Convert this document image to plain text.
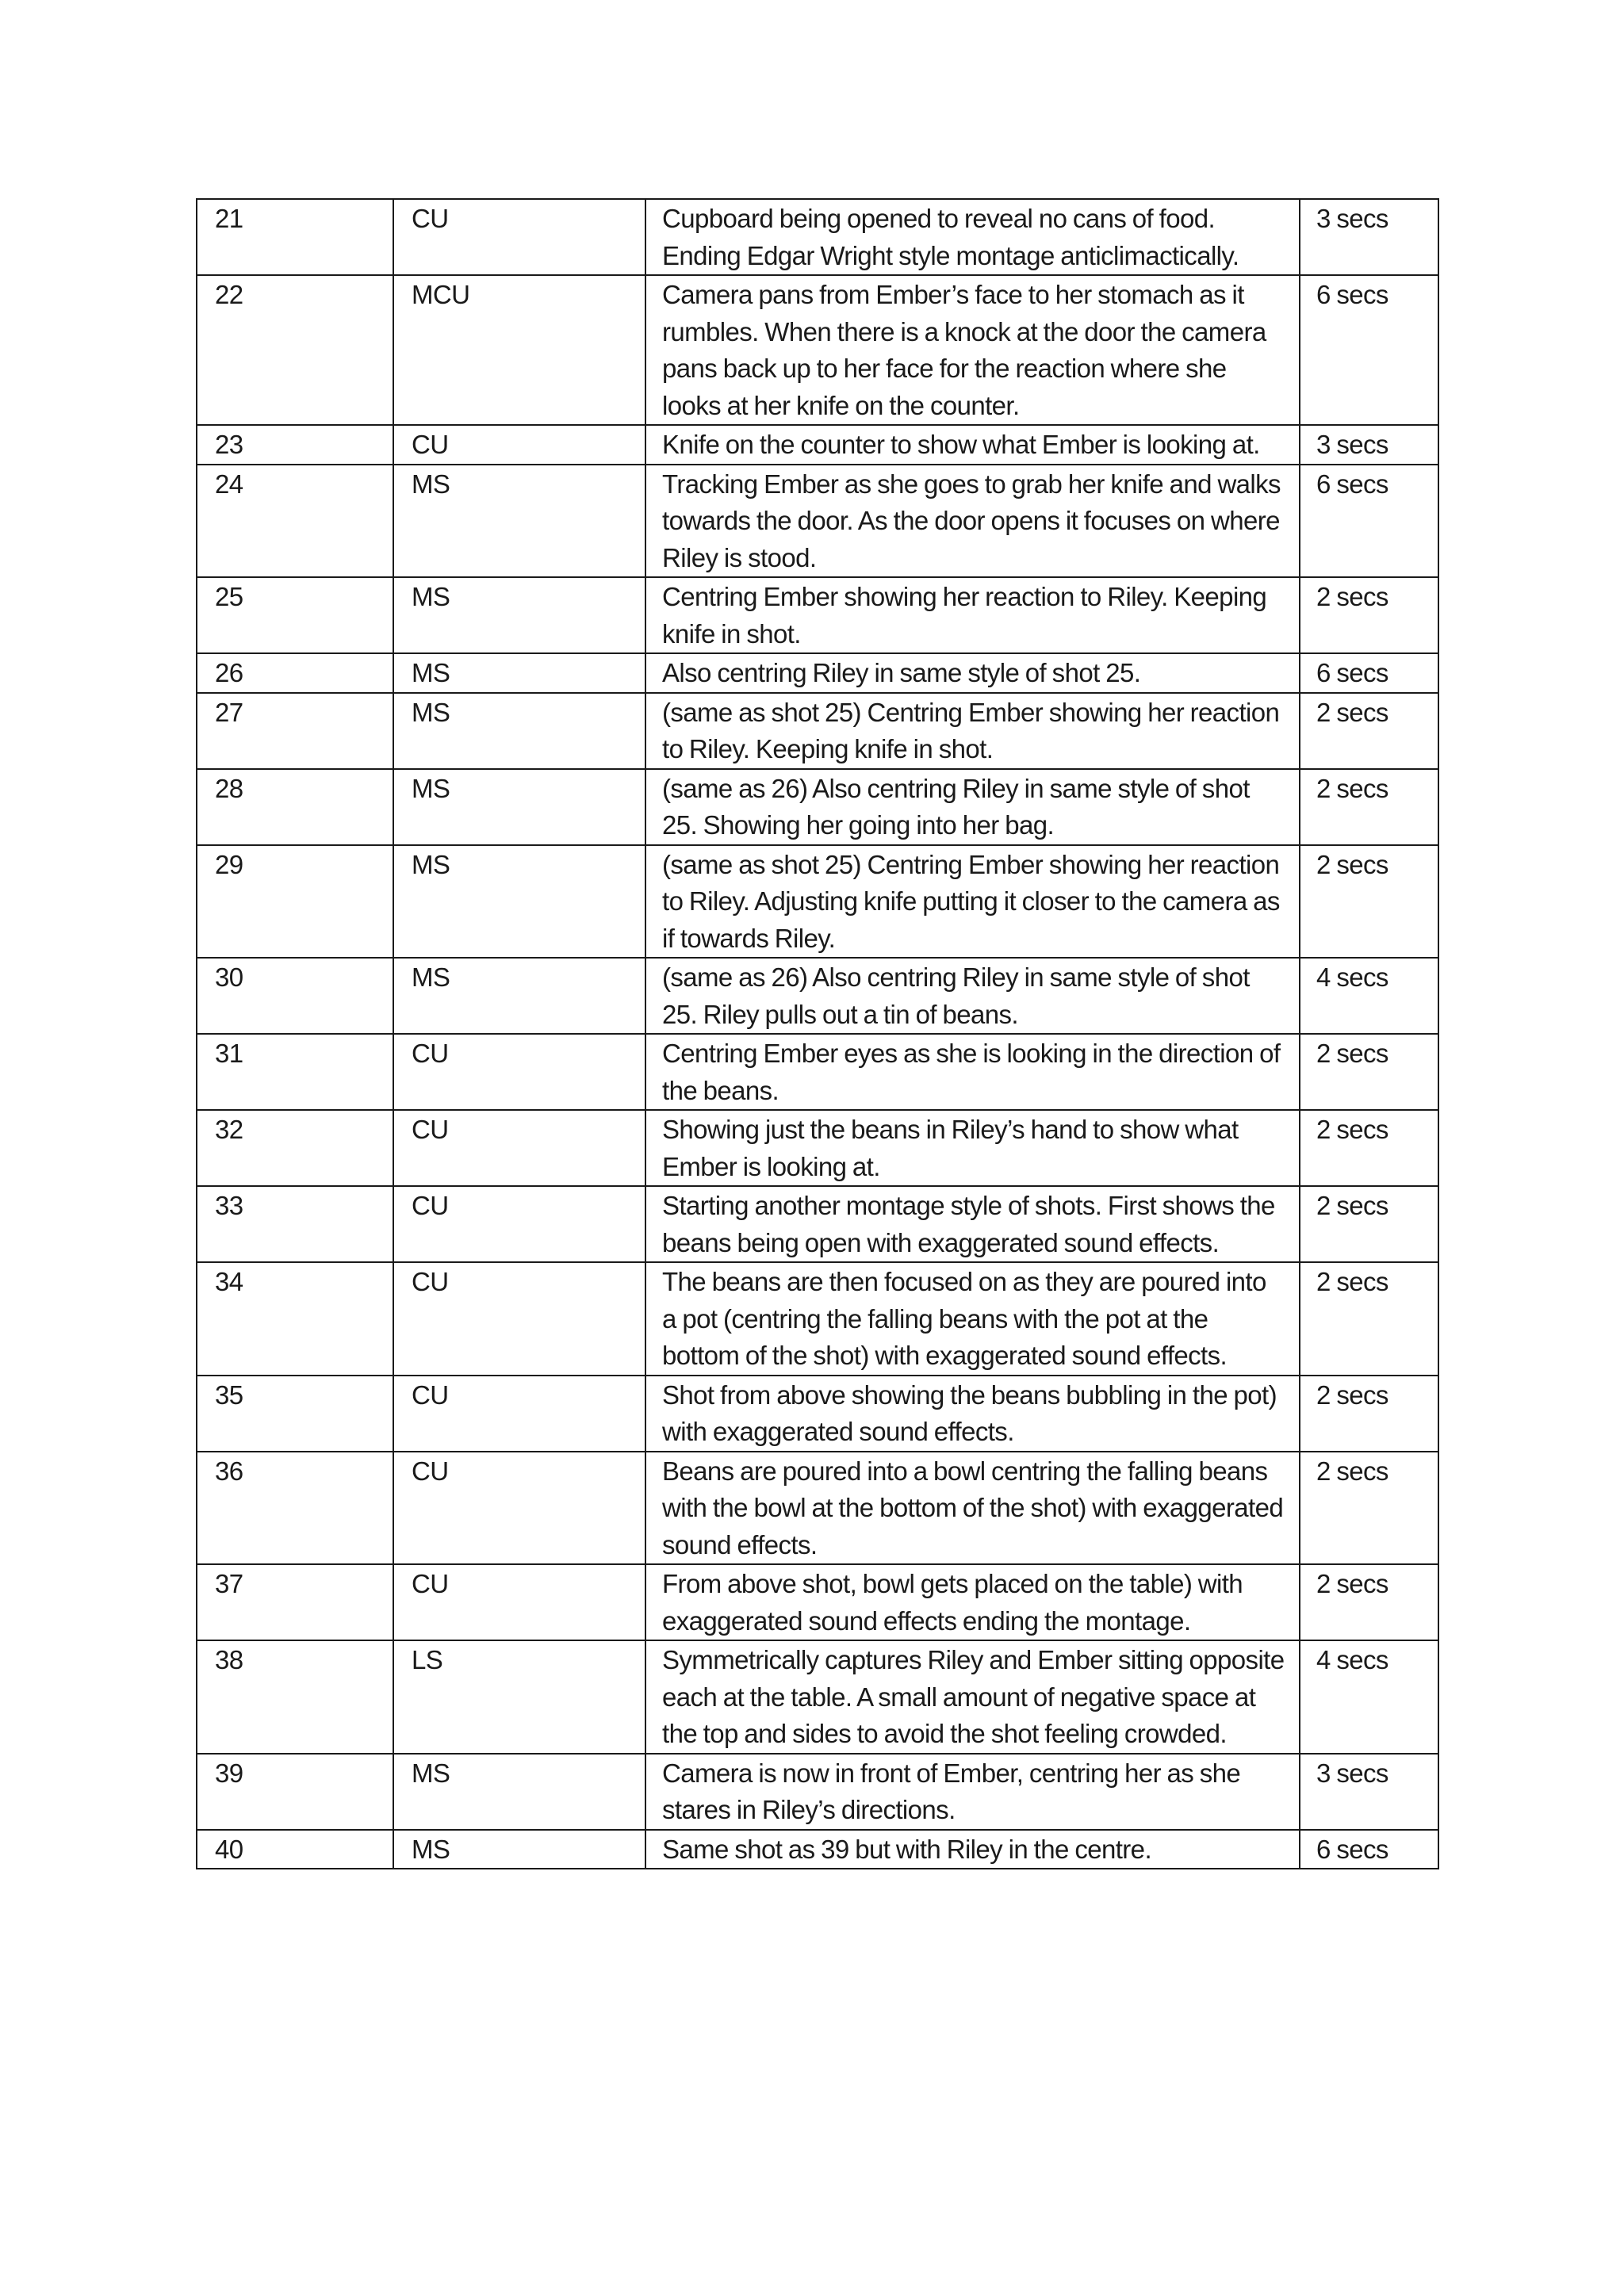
21	CU	Cupboard being opened to reveal no cans of food. Ending Edgar Wright style montage anticlimactically.	3 secs
22	MCU	Camera pans from Ember’s face to her stomach as it rumbles. When there is a knock at the door the camera pans back up to her face for the reaction where she looks at her knife on the counter.	6 secs
23	CU	Knife on the counter to show what Ember is looking at.	3 secs
24	MS	Tracking Ember as she goes to grab her knife and walks towards the door. As the door opens it focuses on where Riley is stood.	6 secs
25	MS	Centring Ember showing her reaction to Riley. Keeping knife in shot.	2 secs
26	MS	Also centring Riley in same style of shot 25.	6 secs
27	MS	(same as shot 25) Centring Ember showing her reaction to Riley. Keeping knife in shot.	2 secs
28	MS	(same as 26) Also centring Riley in same style of shot 25. Showing her going into her bag.	2 secs
29	MS	(same as shot 25) Centring Ember showing her reaction to Riley. Adjusting knife putting it closer to the camera as if towards Riley.	2 secs
30	MS	(same as 26) Also centring Riley in same style of shot 25. Riley pulls out a tin of beans.	4 secs
31	CU	Centring Ember eyes as she is looking in the direction of the beans.	2 secs
32	CU	Showing just the beans in Riley’s hand to show what Ember is looking at.	2 secs
33	CU	Starting another montage style of shots. First shows the beans being open with exaggerated sound effects.	2 secs
34	CU	The beans are then focused on as they are poured into a pot (centring the falling beans with the pot at the bottom of the shot) with exaggerated sound effects.	2 secs
35	CU	Shot from above showing the beans bubbling in the pot) with exaggerated sound effects.	2 secs
36	CU	Beans are poured into a bowl centring the falling beans with the bowl at the bottom of the shot) with exaggerated sound effects.	2 secs
37	CU	From above shot, bowl gets placed on the table) with exaggerated sound effects ending the montage.	2 secs
38	LS	Symmetrically captures Riley and Ember sitting opposite each at the table. A small amount of negative space at the top and sides to avoid the shot feeling crowded.	4 secs
39	MS	Camera is now in front of Ember, centring her as she stares in Riley’s directions.	3 secs
40	MS	Same shot as 39 but with Riley in the centre.	6 secs
